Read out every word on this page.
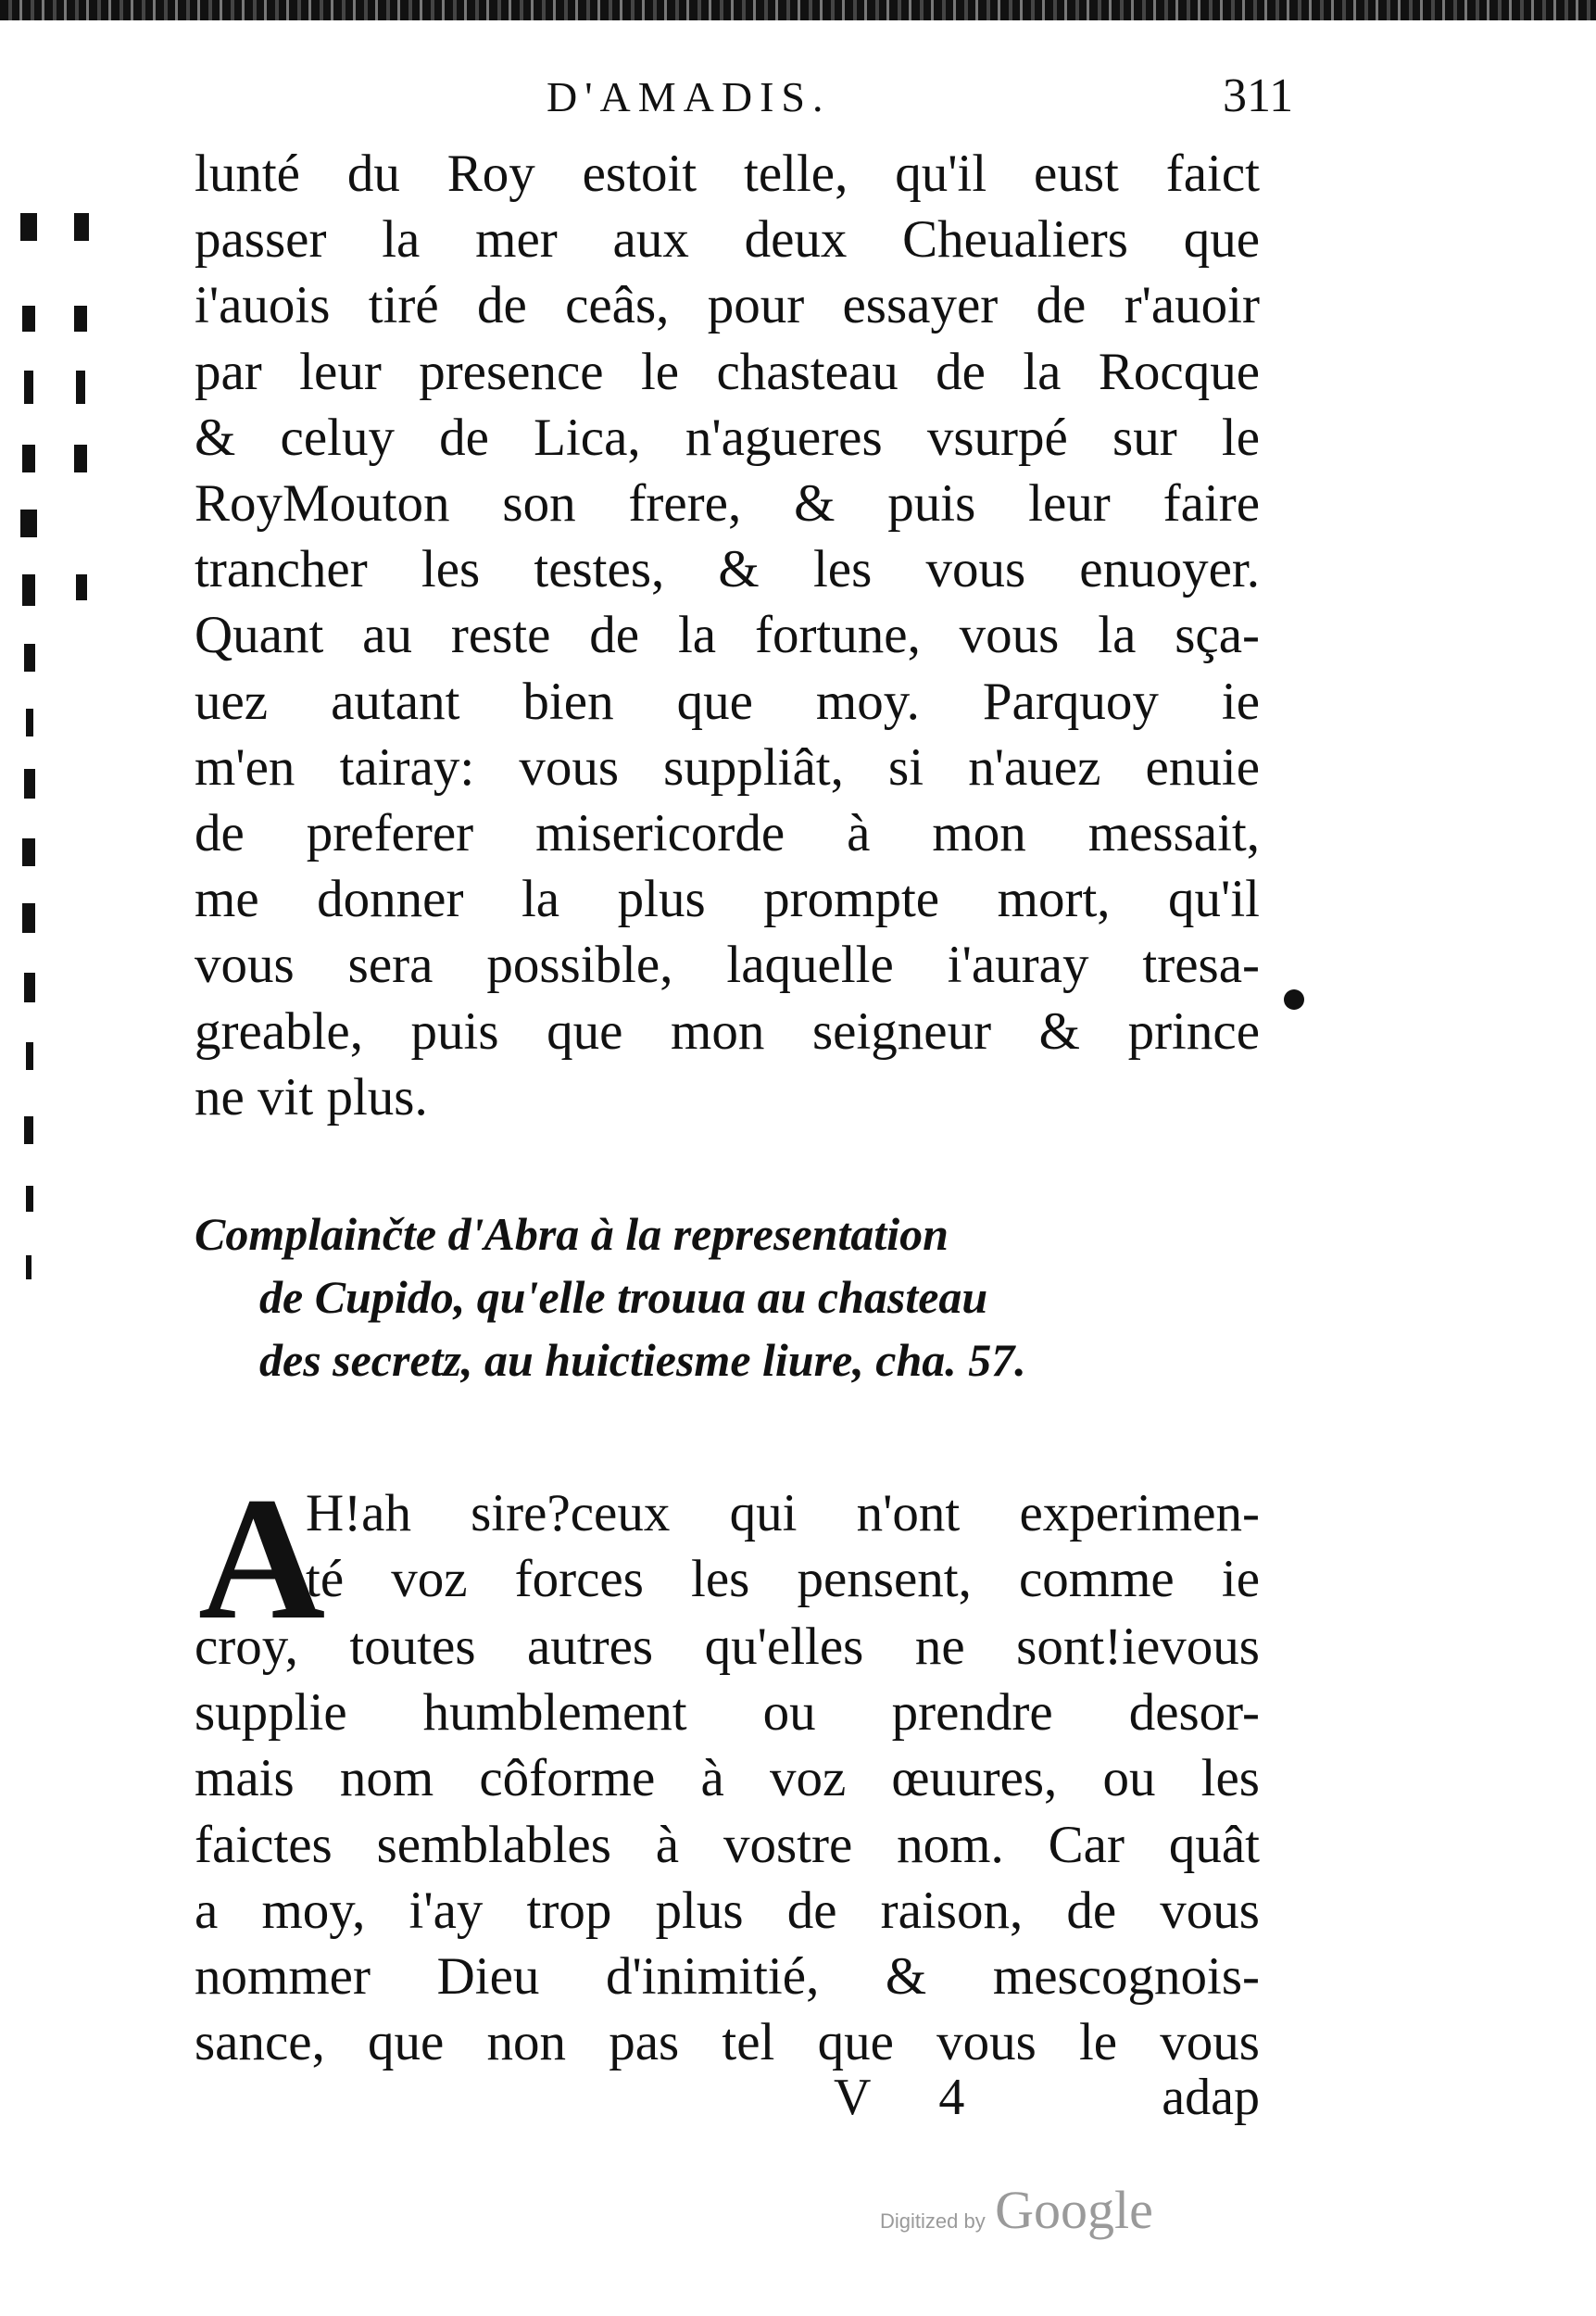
D'AMADIS.	311
lunté du Roy estoit telle, qu'il eust faict
passer la mer aux deux Cheualiers que
i'auois tiré de ceâs, pour essayer de r'auoir
par leur presence le chasteau de la Rocque
& celuy de Lica, n'agueres vsurpé sur le
RoyMouton son frere, & puis leur faire
trancher les testes, & les vous enuoyer.
Quant au reste de la fortune, vous la sça-
uez autant bien que moy. Parquoy ie
m'en tairay: vous suppliât, si n'auez enuie
de preferer misericorde à mon messait,
me donner la plus prompte mort, qu'il
vous sera possible, laquelle i'auray tresa-
greable, puis que mon seigneur & prince
ne vit plus.
Complainčte d'Abra à la representation
de Cupido, qu'elle trouua au chasteau
des secretz, au huictiesme liure, cha. 57.
A
H!ah sire?ceux qui n'ont experimen-
té voz forces les pensent, comme ie
croy, toutes autres qu'elles ne sont!ievous
supplie humblement ou prendre desor-
mais nom côforme à voz œuures, ou les
faictes semblables à vostre nom. Car quât
a moy, i'ay trop plus de raison, de vous
nommer Dieu d'inimitié, & mescognois-
sance, que non pas tel que vous le vous
V 4	adap
Digitized by Google
